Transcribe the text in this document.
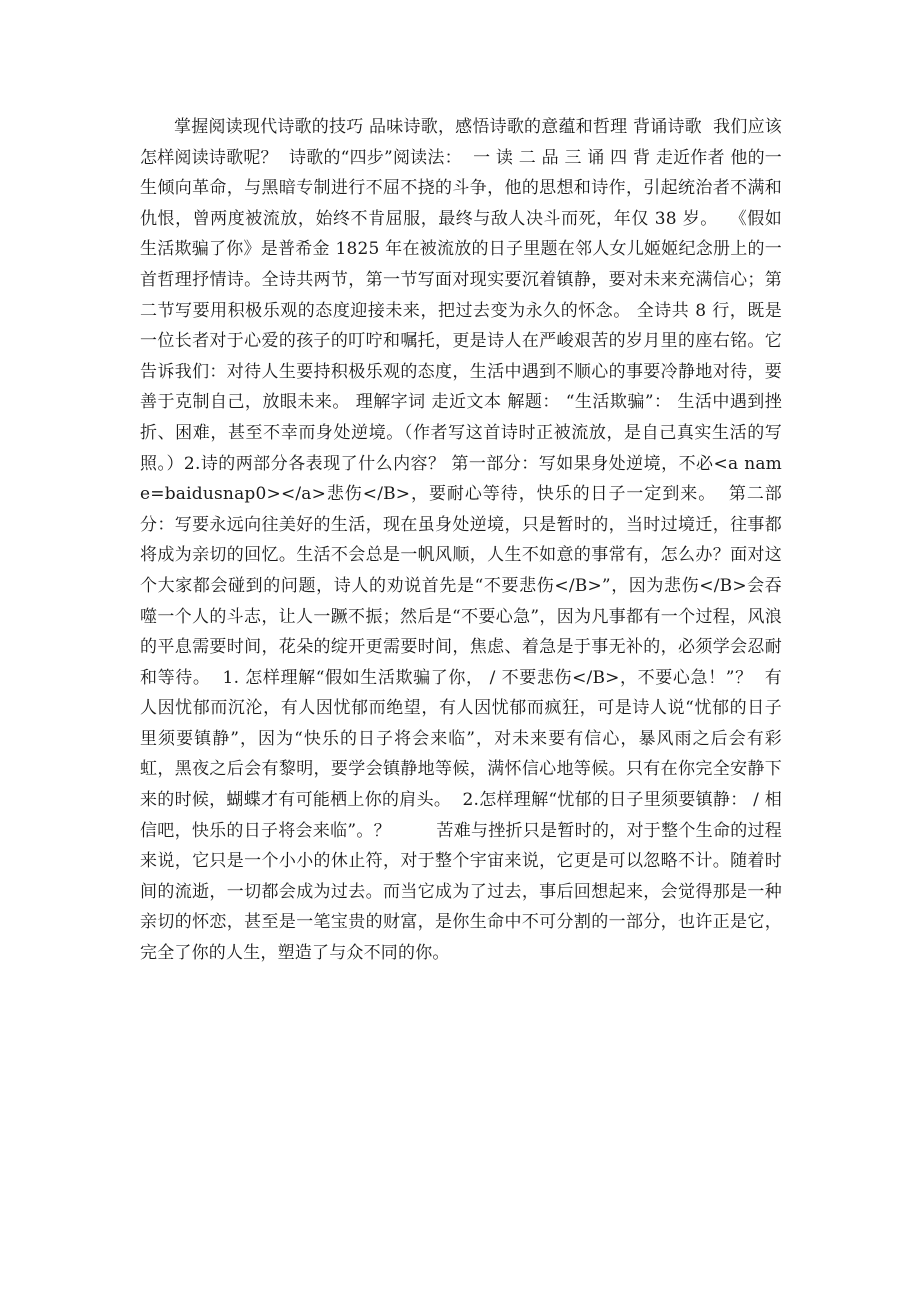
掌握阅读现代诗歌的技巧 品味诗歌，感悟诗歌的意蕴和哲理 背诵诗歌  我们应该怎样阅读诗歌呢？  诗歌的“四步”阅读法：  一 读 二 品 三 诵 四 背 走近作者 他的一生倾向革命，与黑暗专制进行不屈不挠的斗争，他的思想和诗作，引起统治者不满和仇恨，曾两度被流放，始终不肯屈服，最终与敌人决斗而死，年仅 38 岁。  《假如生活欺骗了你》是普希金 1825 年在被流放的日子里题在邻人女儿姬姬纪念册上的一首哲理抒情诗。全诗共两节，第一节写面对现实要沉着镇静，要对未来充满信心；第二节写要用积极乐观的态度迎接未来，把过去变为永久的怀念。 全诗共 8 行，既是一位长者对于心爱的孩子的叮咛和嘱托，更是诗人在严峻艰苦的岁月里的座右铭。它告诉我们：对待人生要持积极乐观的态度，生活中遇到不顺心的事要冷静地对待，要善于克制自己，放眼未来。 理解字词 走近文本 解题： “生活欺骗”： 生活中遇到挫折、困难，甚至不幸而身处逆境。（作者写这首诗时正被流放，是自己真实生活的写照。）2.诗的两部分各表现了什么内容？ 第一部分：写如果身处逆境，不必<a name=baidusnap0></a>悲伤</B>，要耐心等待，快乐的日子一定到来。  第二部分：写要永远向往美好的生活，现在虽身处逆境，只是暂时的，当时过境迁，往事都将成为亲切的回忆。生活不会总是一帆风顺，人生不如意的事常有，怎么办？面对这个大家都会碰到的问题，诗人的劝说首先是“不要悲伤</B>”，因为悲伤</B>会吞噬一个人的斗志，让人一蹶不振；然后是“不要心急”，因为凡事都有一个过程，风浪的平息需要时间，花朵的绽开更需要时间，焦虑、着急是于事无补的，必须学会忍耐和等待。  1. 怎样理解“假如生活欺骗了你， / 不要悲伤</B>，不要心急！”？  有人因忧郁而沉沦，有人因忧郁而绝望，有人因忧郁而疯狂，可是诗人说“忧郁的日子里须要镇静”，因为“快乐的日子将会来临”，对未来要有信心，暴风雨之后会有彩虹，黑夜之后会有黎明，要学会镇静地等候，满怀信心地等候。只有在你完全安静下来的时候，蝴蝶才有可能栖上你的肩头。  2.怎样理解“忧郁的日子里须要镇静： / 相信吧，快乐的日子将会来临”。？        苦难与挫折只是暂时的，对于整个生命的过程来说，它只是一个小小的休止符，对于整个宇宙来说，它更是可以忽略不计。随着时间的流逝，一切都会成为过去。而当它成为了过去，事后回想起来，会觉得那是一种亲切的怀恋，甚至是一笔宝贵的财富，是你生命中不可分割的一部分，也许正是它，完全了你的人生，塑造了与众不同的你。
